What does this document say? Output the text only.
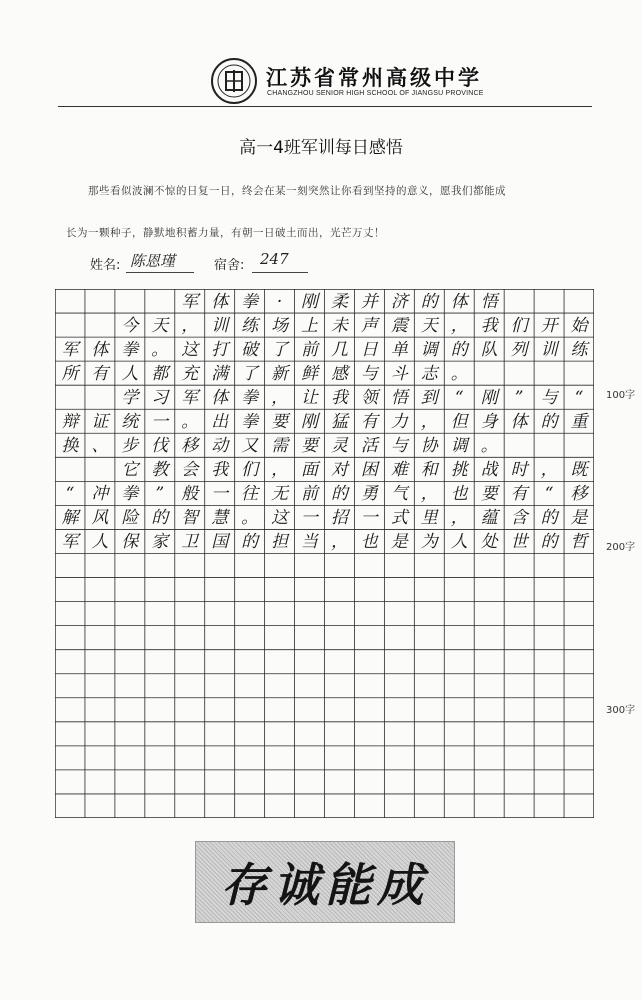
江苏省常州高级中学
CHANGZHOU SENIOR HIGH SCHOOL OF JIANGSU PROVINCE
高一4班军训每日感悟
那些看似波澜不惊的日复一日，终会在某一刻突然让你看到坚持的意义，愿我们都能成
长为一颗种子，静默地积蓄力量，有朝一日破土而出，光芒万丈！
姓名: 陈恩瑾	宿舍: 247
军 体 拳	·	刚 柔 并 济 的 体 悟
今 天 ， 训 练 场 上 未 声 震 天 ， 我 们 开 始
军 体 拳 。 这 打 破 了 前 几 日 单 调 的 队 列 训 练
所 有 人 都 充 满 了 新 鲜 感 与 斗 志 。
学 习 军 体 拳 ， 让 我 领 悟 到	“	刚	”	与	“
辩 证 统 一 。 出 拳 要 刚 猛 有 力 ， 但 身 体 的 重
换 、 步 伐 移 动 又 需 要 灵 活 与 协 调 。
它 教 会 我 们 ， 面 对 困 难 和 挑 战 时 ， 既
“	冲 拳	”	般 一 往 无 前 的 勇 气 ， 也 要 有	“	移
解 风 险 的 智 慧 。 这 一 招 一 式 里 ， 蕴 含 的 是
军 人 保 家 卫 国 的 担 当 ， 也 是 为 人 处 世 的 哲
100字
200字
300字
存诚能成
